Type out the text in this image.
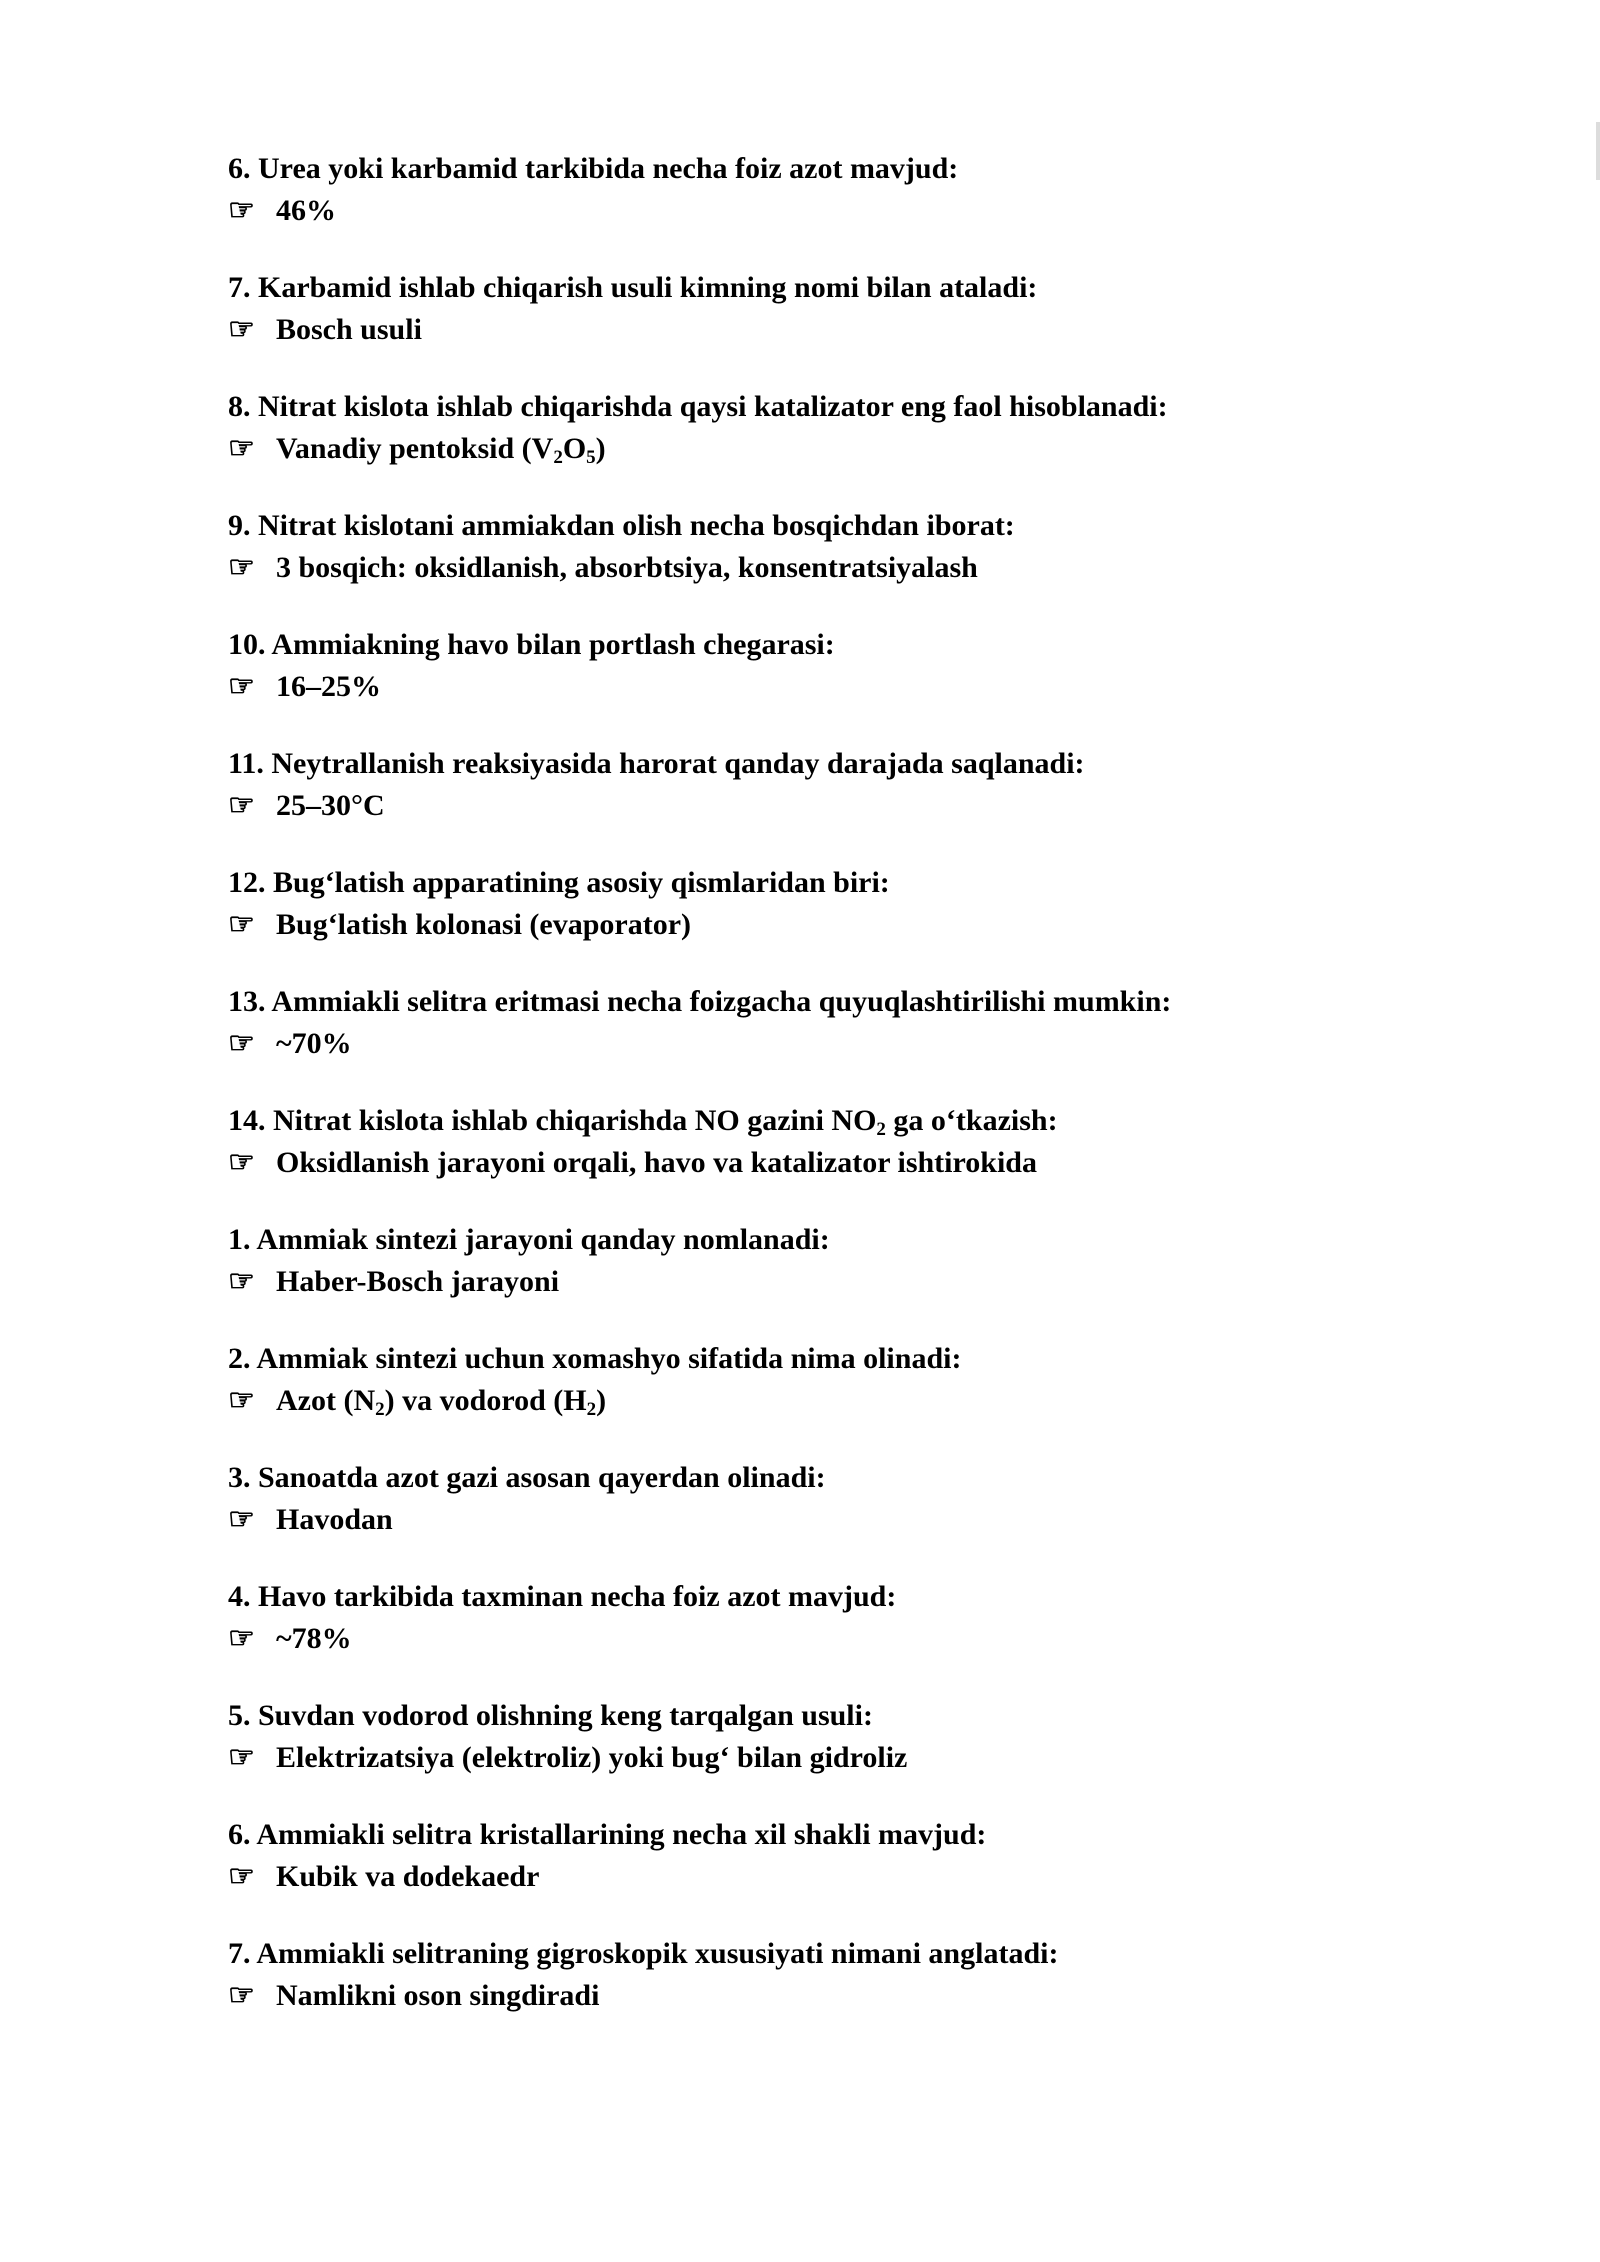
6. Urea yoki karbamid tarkibida necha foiz azot mavjud:
☞ 46%
7. Karbamid ishlab chiqarish usuli kimning nomi bilan ataladi:
☞ Bosch usuli
8. Nitrat kislota ishlab chiqarishda qaysi katalizator eng faol hisoblanadi:
☞ Vanadiy pentoksid $(V_2O_5)$
9. Nitrat kislotani ammiakdan olish necha bosqichdan iborat:
☞ 3 bosqich: oksidlanish, absorbtsiya, konsentratsiyalash
10. Ammiakning havo bilan portlash chegarasi:
☞ 16–25%
11. Neytrallanish reaksiyasida harorat qanday darajada saqlanadi:
☞ 25–30°C
12. Bug‘latish apparatining asosiy qismlaridan biri:
☞ Bug‘latish kolonasi (evaporator)
13. Ammiakli selitra eritmasi necha foizgacha quyuqlashtirilishi mumkin:
☞ ~70%
14. Nitrat kislota ishlab chiqarishda NO gazini $NO_2$ ga o‘tkazish:
☞ Oksidlanish jarayoni orqali, havo va katalizator ishtirokida
1. Ammiak sintezi jarayoni qanday nomlanadi:
☞ Haber-Bosch jarayoni
2. Ammiak sintezi uchun xomashyo sifatida nima olinadi:
☞ Azot $(N_2)$ va vodorod $(H_2)$
3. Sanoatda azot gazi asosan qayerdan olinadi:
☞ Havodan
4. Havo tarkibida taxminan necha foiz azot mavjud:
☞ ~78%
5. Suvdan vodorod olishning keng tarqalgan usuli:
☞ Elektrizatsiya (elektroliz) yoki bug‘ bilan gidroliz
6. Ammiakli selitra kristallarining necha xil shakli mavjud:
☞ Kubik va dodekaedr
7. Ammiakli selitraning gigroskopik xususiyati nimani anglatadi:
☞ Namlikni oson singdiradi
